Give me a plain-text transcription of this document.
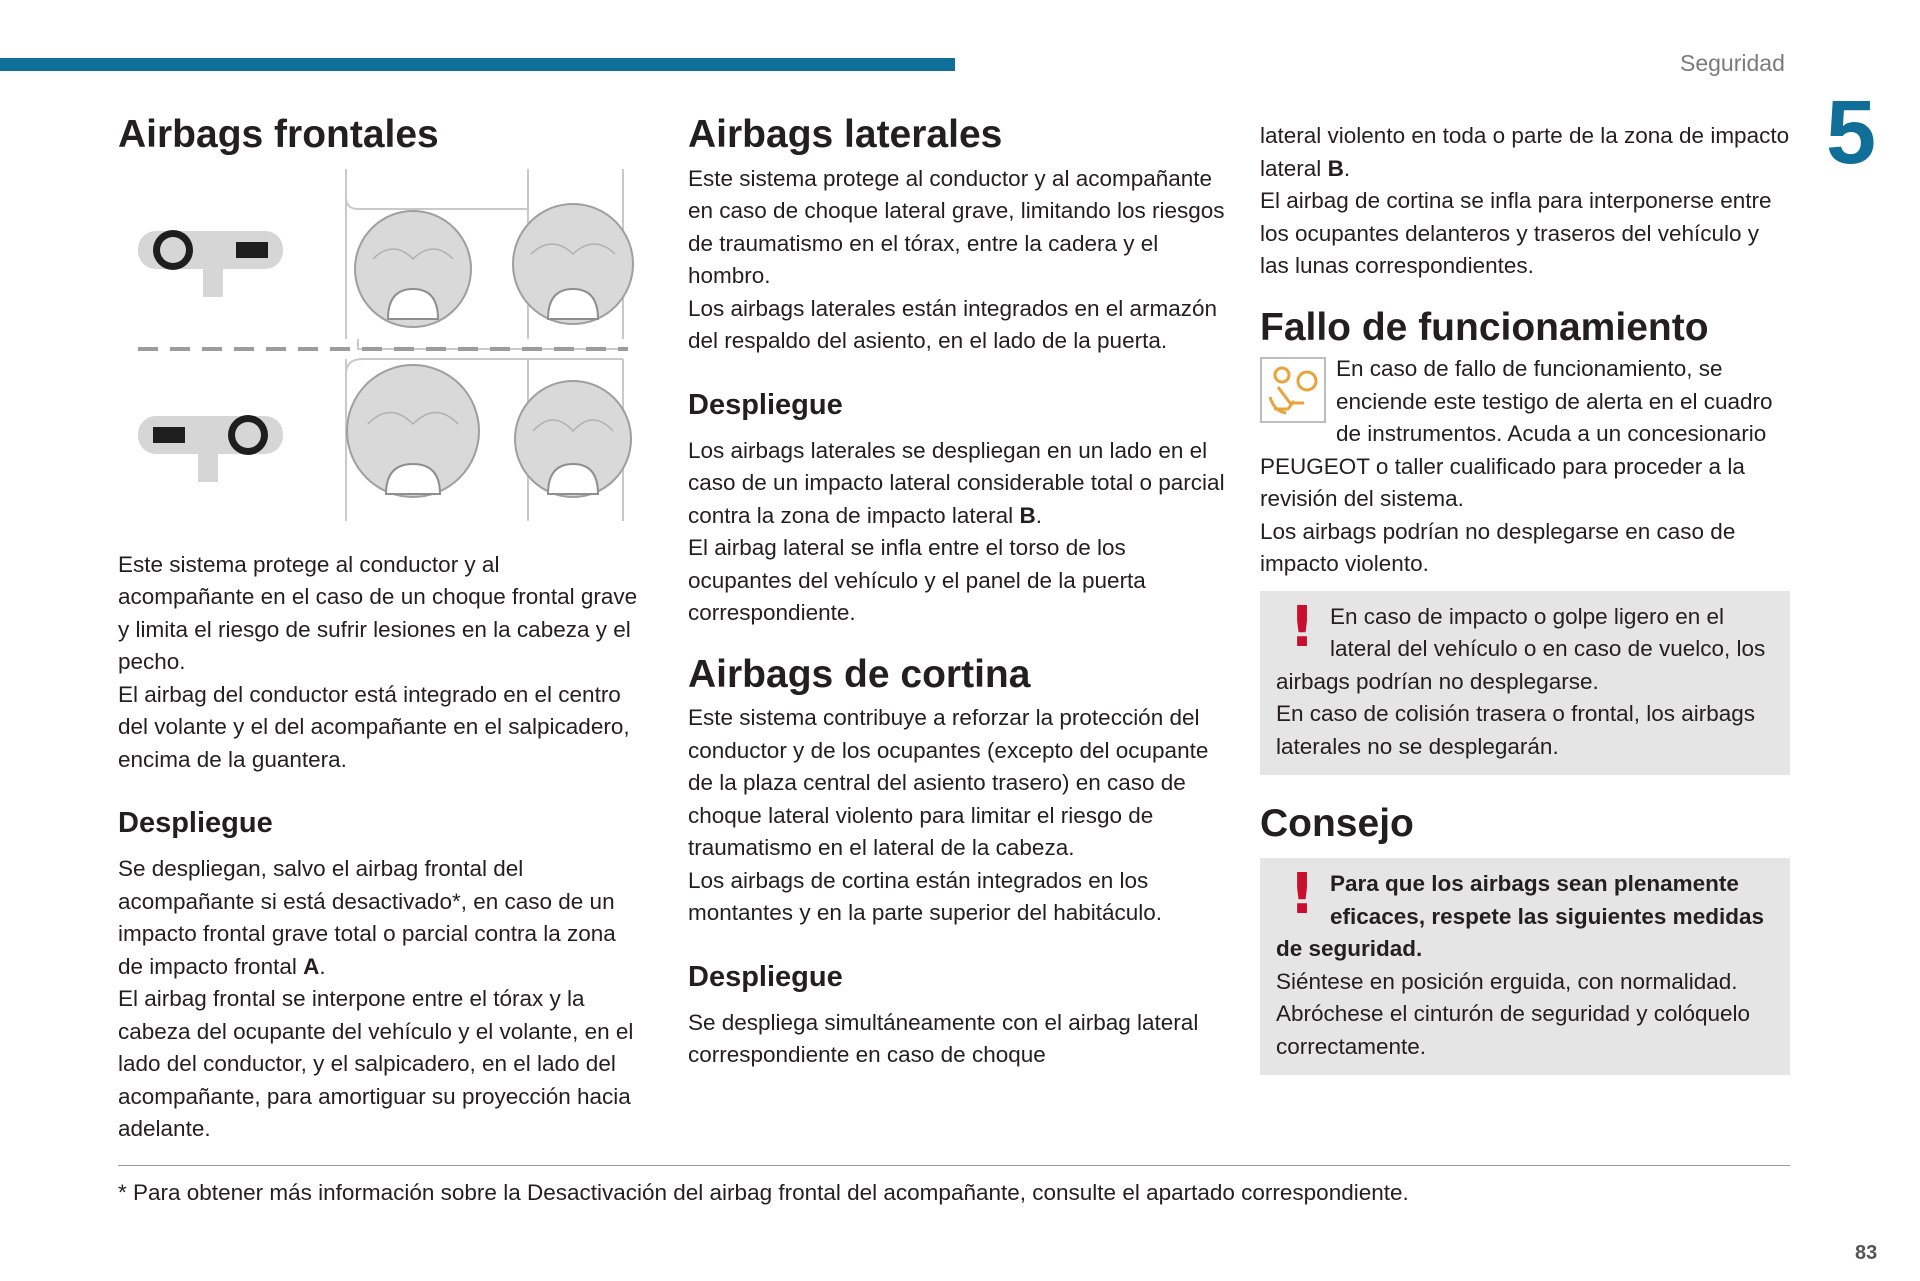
Seguridad
5
Airbags frontales

Este sistema protege al conductor y al acompañante en el caso de un choque frontal grave y limita el riesgo de sufrir lesiones en la cabeza y el pecho.

El airbag del conductor está integrado en el centro del volante y el del acompañante en el salpicadero, encima de la guantera.

Despliegue

Se despliegan, salvo el airbag frontal del acompañante si está desactivado*, en caso de un impacto frontal grave total o parcial contra la zona de impacto frontal A.

El airbag frontal se interpone entre el tórax y la cabeza del ocupante del vehículo y el volante, en el lado del conductor, y el salpicadero, en el lado del acompañante, para amortiguar su proyección hacia adelante.

Airbags laterales

Este sistema protege al conductor y al acompañante en caso de choque lateral grave, limitando los riesgos de traumatismo en el tórax, entre la cadera y el hombro.

Los airbags laterales están integrados en el armazón del respaldo del asiento, en el lado de la puerta.

Despliegue

Los airbags laterales se despliegan en un lado en el caso de un impacto lateral considerable total o parcial contra la zona de impacto lateral B.

El airbag lateral se infla entre el torso de los ocupantes del vehículo y el panel de la puerta correspondiente.

Airbags de cortina

Este sistema contribuye a reforzar la protección del conductor y de los ocupantes (excepto del ocupante de la plaza central del asiento trasero) en caso de choque lateral violento para limitar el riesgo de traumatismo en el lateral de la cabeza.

Los airbags de cortina están integrados en los montantes y en la parte superior del habitáculo.

Despliegue

Se despliega simultáneamente con el airbag lateral correspondiente en caso de choque

lateral violento en toda o parte de la zona de impacto lateral B.

El airbag de cortina se infla para interponerse entre los ocupantes delanteros y traseros del vehículo y las lunas correspondientes.

Fallo de funcionamiento

En caso de fallo de funcionamiento, se enciende este testigo de alerta en el cuadro de instrumentos. Acuda a un concesionario PEUGEOT o taller cualificado para proceder a la revisión del sistema.

Los airbags podrían no desplegarse en caso de impacto violento.

! En caso de impacto o golpe ligero en el lateral del vehículo o en caso de vuelco, los airbags podrían no desplegarse.

En caso de colisión trasera o frontal, los airbags laterales no se desplegarán.

Consejo
! Para que los airbags sean plenamente eficaces, respete las siguientes medidas de seguridad.

Siéntese en posición erguida, con normalidad.

Abróchese el cinturón de seguridad y colóquelo correctamente.

* Para obtener más información sobre la Desactivación del airbag frontal del acompañante, consulte el apartado correspondiente.
83
